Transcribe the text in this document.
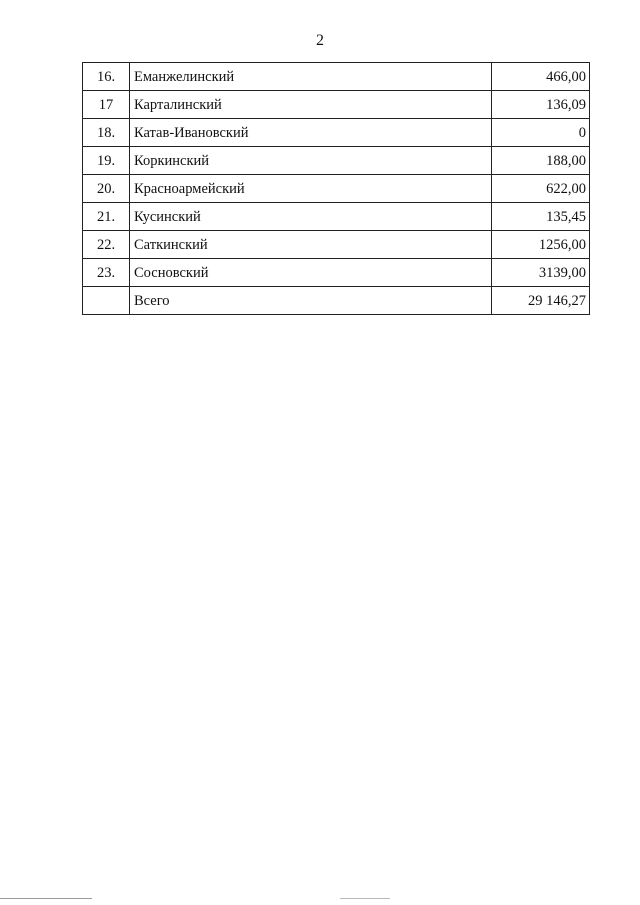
2
16.	Еманжелинский	466,00
17	Карталинский	136,09
18.	Катав-Ивановский	0
19.	Коркинский	188,00
20.	Красноармейский	622,00
21.	Кусинский	135,45
22.	Саткинский	1256,00
23.	Сосновский	3139,00
	Всего	29 146,27
